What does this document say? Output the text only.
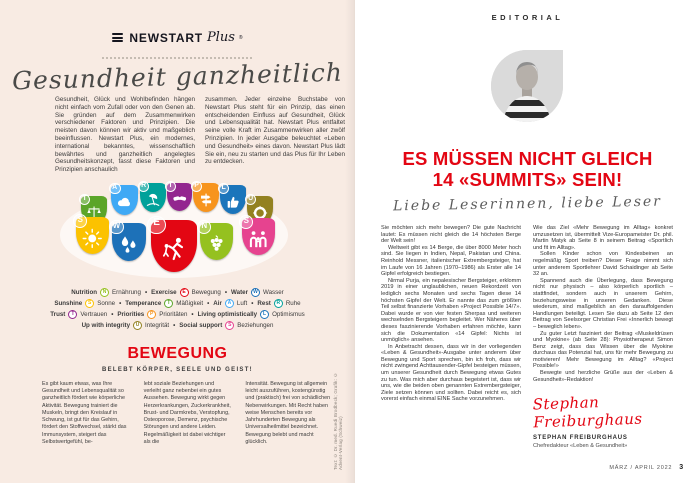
NEWSTART Plus ®
Gesundheit ganzheitlich

Gesundheit, Glück und Wohlbefinden hängen nicht einfach vom Zufall oder von den Genen ab. Sie gründen auf dem Zusammenwirken verschiedener Faktoren und Prinzipien. Die meisten davon können wir aktiv und maßgeblich beeinflussen. Newstart Plus, ein modernes, international bekanntes, wissenschaftlich bewährtes und ganzheitlich angelegtes Gesundheitskonzept, fasst diese Faktoren und Prinzipien anschaulich

zusammen. Jeder einzelne Buchstabe von Newstart Plus steht für ein Prinzip, das einen entscheidenden Einfluss auf Gesundheit, Glück und Lebensqualität hat. Newstart Plus entfaltet seine volle Kraft im Zusammenwirken aller zwölf Prinzipien. In jeder Ausgabe beleuchtet «Leben und Gesundheit» eines davon. Newstart Plus lädt Sie ein, neu zu starten und das Plus für Ihr Leben zu entdecken.

T
A	R	T	P	L
U
S
W	E	N
S
Nutrition	N Ernährung • Exercise	E Bewegung • Water	W Wasser
Sunshine	S Sonne • Temperance	T Mäßigkeit • Air	A Luft • Rest	R Ruhe
Trust	T Vertrauen • Priorities	P Prioritäten • Living optimistically	L Optimismus
Up with integrity	U Integrität • Social support	S Beziehungen
BEWEGUNG
BELEBT KÖRPER, SEELE UND GEIST!

Es gibt kaum etwas, was Ihre Gesundheit und Lebensqualität so ganzheitlich fördert wie körperliche Aktivität. Bewegung trainiert die Muskeln, bringt den Kreislauf in Schwung, ist gut für das Gehirn, fördert den Stoffwechsel, stärkt das Immunsystem, steigert das Selbstwertgefühl, be-

lebt soziale Beziehungen und verleiht ganz nebenbei ein gutes Aussehen. Bewegung wirkt gegen Herzerkrankungen, Zuckerkrankheit, Brust- und Darmkrebs, Verstopfung, Osteoporose, Demenz, psychische Störungen und andere Leiden. Regelmäßigkeit ist dabei wichtiger als die

Intensität. Bewegung ist allgemein leicht auszuführen, kostengünstig und (praktisch) frei von schädlichen Nebenwirkungen. Mit Recht haben weise Menschen bereits vor Jahrhunderten Bewegung als Universalheilmittel bezeichnet. Bewegung belebt und macht glücklich.	Text: © Dr. med. Ruedi Brodbeck; Grafik: © Advent-Verlag (Schweiz)
EDITORIAL
ES MÜSSEN NICHT GLEICH
14 «SUMMITS» SEIN!
Liebe Leserinnen, liebe Leser

Sie möchten sich mehr bewegen? Die gute Nachricht lautet: Es müssen nicht gleich die 14 höchsten Berge der Welt sein!

Weltweit gibt es 14 Berge, die über 8000 Meter hoch sind. Sie liegen in Indien, Nepal, Pakistan und China. Reinhold Messner, italienischer Extrembergsteiger, hat im Laufe von 16 Jahren (1970–1986) als Erster alle 14 Gipfel erfolgreich bestiegen.

Nirmal Purja, ein nepalesischer Bergsteiger, erklomm 2019 in einer unglaublichen, neuen Rekordzeit von lediglich sechs Monaten und sechs Tagen diese 14 höchsten Gipfel der Welt. Er nannte das zum größten Teil selbst finanzierte Vorhaben «Project Possible 14/7». Dabei wurde er von vier festen Sherpas und weiteren wechselnden Bergsteigern begleitet. Wer Näheres über dieses faszinierende Vorhaben erfahren möchte, kann sich die Dokumentation «14 Gipfel: Nichts ist unmöglich» ansehen.

In Anbetracht dessen, dass wir in der vorliegenden «Leben & Gesundheit»-Ausgabe unter anderem über Bewegung und Sport sprechen, bin ich froh, dass wir nicht zwingend Achttausender-Gipfel besteigen müssen, um unserer Gesundheit durch Bewegung etwas Gutes zu tun. Was mich aber durchaus begeistert ist, dass wir uns, wie die beiden oben genannten Extrembergsteiger, Ziele setzen können und sollten. Dabei reicht es, sich vorerst einfach einmal EINE Sache vorzunehmen.

Wie das Ziel «Mehr Bewegung im Alltag» konkret umzusetzen ist, übermittelt Vize-Europameister Dr. phil. Martin Matyk ab Seite 8 in seinem Beitrag «Sportlich und fit im Alltag».

Sollen Kinder schon von Kindesbeinen an regelmäßig Sport treiben? Dieser Frage nimmt sich unter anderem Sportlehrer David Schaidinger ab Seite 32 an.

Spannend auch die Überlegung, dass Bewegung nicht nur physisch – also körperlich sportlich – stattfindet, sondern auch in unserem Gehirn, beziehungsweise in unseren Gedanken. Diese wiederum, sind maßgeblich an den darauffolgenden Handlungen beteiligt. Lesen Sie dazu ab Seite 12 den Beitrag von Seelsorger Christian Frei «Innerlich bewegt – beweglich leben».

Zu guter Letzt fasziniert der Beitrag «Muskeldrüsen und Myokine» (ab Seite 28): Physiotherapeut Simon Benz zeigt, dass das Wissen über die Myokine durchaus das Potenzial hat, uns für mehr Bewegung zu motivieren! Mehr Bewegung im Alltag? «Project Possible!»

Bewegte und herzliche Grüße aus der «Leben & Gesundheit»-Redaktion!

Stephan Freiburghaus
STEPHAN FREIBURGHAUS
Chefredakteur «Leben & Gesundheit»
MÄRZ / APRIL 2022 3
